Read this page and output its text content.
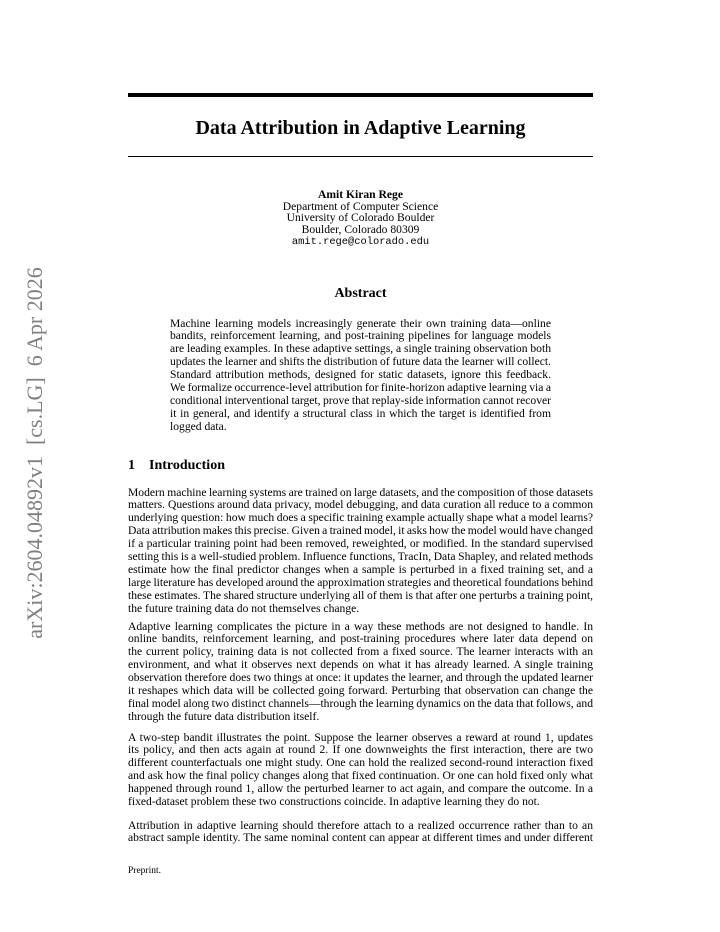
arXiv:2604.04892v1  [cs.LG]  6 Apr 2026
Data Attribution in Adaptive Learning
Amit Kiran Rege
Department of Computer Science
University of Colorado Boulder
Boulder, Colorado 80309
amit.rege@colorado.edu
Abstract
Machine learning models increasingly generate their own training data—online
bandits, reinforcement learning, and post-training pipelines for language models
are leading examples. In these adaptive settings, a single training observation both
updates the learner and shifts the distribution of future data the learner will collect.
Standard attribution methods, designed for static datasets, ignore this feedback.
We formalize occurrence-level attribution for finite-horizon adaptive learning via a
conditional interventional target, prove that replay-side information cannot recover
it in general, and identify a structural class in which the target is identified from
logged data.
1 Introduction
Modern machine learning systems are trained on large datasets, and the composition of those datasets
matters. Questions around data privacy, model debugging, and data curation all reduce to a common
underlying question: how much does a specific training example actually shape what a model learns?
Data attribution makes this precise. Given a trained model, it asks how the model would have changed
if a particular training point had been removed, reweighted, or modified. In the standard supervised
setting this is a well-studied problem. Influence functions, TracIn, Data Shapley, and related methods
estimate how the final predictor changes when a sample is perturbed in a fixed training set, and a
large literature has developed around the approximation strategies and theoretical foundations behind
these estimates. The shared structure underlying all of them is that after one perturbs a training point,
the future training data do not themselves change.
Adaptive learning complicates the picture in a way these methods are not designed to handle. In
online bandits, reinforcement learning, and post-training procedures where later data depend on
the current policy, training data is not collected from a fixed source. The learner interacts with an
environment, and what it observes next depends on what it has already learned. A single training
observation therefore does two things at once: it updates the learner, and through the updated learner
it reshapes which data will be collected going forward. Perturbing that observation can change the
final model along two distinct channels—through the learning dynamics on the data that follows, and
through the future data distribution itself.
A two-step bandit illustrates the point. Suppose the learner observes a reward at round 1, updates
its policy, and then acts again at round 2. If one downweights the first interaction, there are two
different counterfactuals one might study. One can hold the realized second-round interaction fixed
and ask how the final policy changes along that fixed continuation. Or one can hold fixed only what
happened through round 1, allow the perturbed learner to act again, and compare the outcome. In a
fixed-dataset problem these two constructions coincide. In adaptive learning they do not.
Attribution in adaptive learning should therefore attach to a realized occurrence rather than to an
abstract sample identity. The same nominal content can appear at different times and under different
Preprint.
